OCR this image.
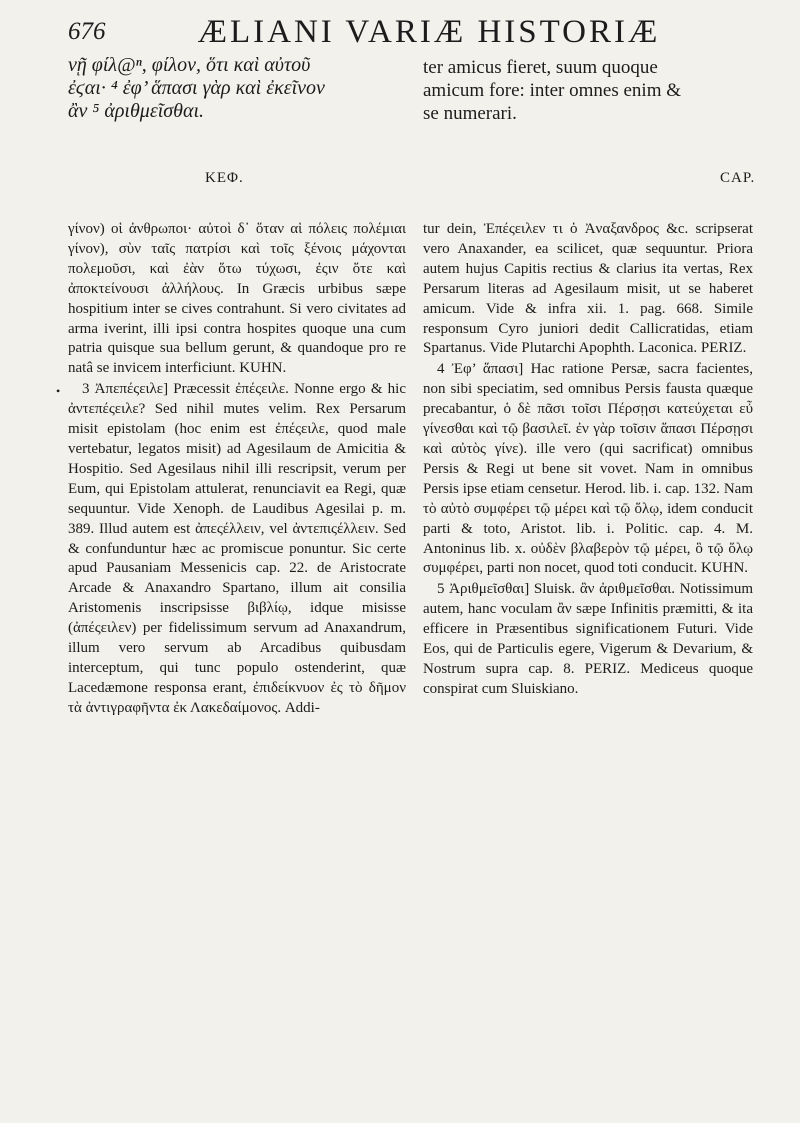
676	ÆLIANI VARIÆ HISTORIÆ
νῇ φίλ@ⁿ, φίλον, ὅτι καὶ αὐτοῦ
ἐϛαι· ⁴ ἐφ’ ἅπασι γὰρ καὶ ἐκεῖνον
ἂν ⁵ ἀριθμεῖσθαι.
ter amicus fieret, suum quoque
amicum fore: inter omnes enim &
se numerari.
ΚΕΦ.	CAP.
•

γίνον) οἱ ἀνθρωποι· αὐτοὶ δ᾿ ὅταν αἱ πόλεις πολέμιαι γίνον), σὺν ταῖς πατρίσι καὶ τοῖς ξένοις μάχονται πολεμοῦσι, καὶ ἐὰν ὅτω τύχωσι, ἐςιν ὅτε καὶ ἀποκτείνουσι ἀλλήλους. In Græcis urbibus sæpe hospitium inter se cives contrahunt. Si vero civitates ad arma iverint, illi ipsi contra hospites quoque una cum patria quisque sua bellum gerunt, & quandoque pro re natâ se invicem interficiunt. KUHN.

3 Ἀπεπέςειλε] Præcessit ἐπέςειλε. Nonne ergo & hic ἀντεπέςειλε? Sed nihil mutes velim. Rex Persarum misit epistolam (hoc enim est ἐπέςειλε, quod male vertebatur, legatos misit) ad Agesilaum de Amicitia & Hospitio. Sed Agesilaus nihil illi rescripsit, verum per Eum, qui Epistolam attulerat, renunciavit ea Regi, quæ sequuntur. Vide Xenoph. de Laudibus Agesilai p. m. 389. Illud autem est ἀπεςέλλειν, vel ἀντεπιςέλλειν. Sed & confunduntur hæc ac promiscue ponuntur. Sic certe apud Pausaniam Messenicis cap. 22. de Aristocrate Arcade & Anaxandro Spartano, illum ait consilia Aristomenis inscripsisse βιβλίῳ, idque misisse (ἀπέςειλεν) per fidelissimum servum ad Anaxandrum, illum vero servum ab Arcadibus quibusdam interceptum, qui tunc populo ostenderint, quæ Lacedæmone responsa erant, ἐπιδείκνυον ἐς τὸ δῆμον τὰ ἀντιγραφῆντα ἐκ Λακεδαίμονος. Addi-

tur dein, Ἐπέςειλεν τι ὁ Ἀναξανδρος &c. scripserat vero Anaxander, ea scilicet, quæ sequuntur. Priora autem hujus Capitis rectius & clarius ita vertas, Rex Persarum literas ad Agesilaum misit, ut se haberet amicum. Vide & infra xii. 1. pag. 668. Simile responsum Cyro juniori dedit Callicratidas, etiam Spartanus. Vide Plutarchi Apophth. Laconica. PERIZ.

4 Ἐφ’ ἅπασι] Hac ratione Persæ, sacra facientes, non sibi speciatim, sed omnibus Persis fausta quæque precabantur, ὁ δὲ πᾶσι τοῖσι Πέρσῃσι κατεύχεται εὖ γίνεσθαι καὶ τῷ βασιλεῖ. ἐν γὰρ τοῖσιν ἅπασι Πέρσῃσι καὶ αὐτὸς γίνε). ille vero (qui sacrificat) omnibus Persis & Regi ut bene sit vovet. Nam in omnibus Persis ipse etiam censetur. Herod. lib. i. cap. 132. Nam τὸ αὐτὸ συμφέρει τῷ μέρει καὶ τῷ ὅλῳ, idem conducit parti & toto, Aristot. lib. i. Politic. cap. 4. M. Antoninus lib. x. οὐδὲν βλαβερὸν τῷ μέρει, ὃ τῷ ὅλῳ συμφέρει, parti non nocet, quod toti conducit. KUHN.

5 Ἀριθμεῖσθαι] Sluisk. ἂν ἀριθμεῖσθαι. Notissimum autem, hanc voculam ἂν sæpe Infinitis præmitti, & ita efficere in Præsentibus significationem Futuri. Vide Eos, qui de Particulis egere, Vigerum & Devarium, & Nostrum supra cap. 8. PERIZ. Mediceus quoque conspirat cum Sluiskiano.
